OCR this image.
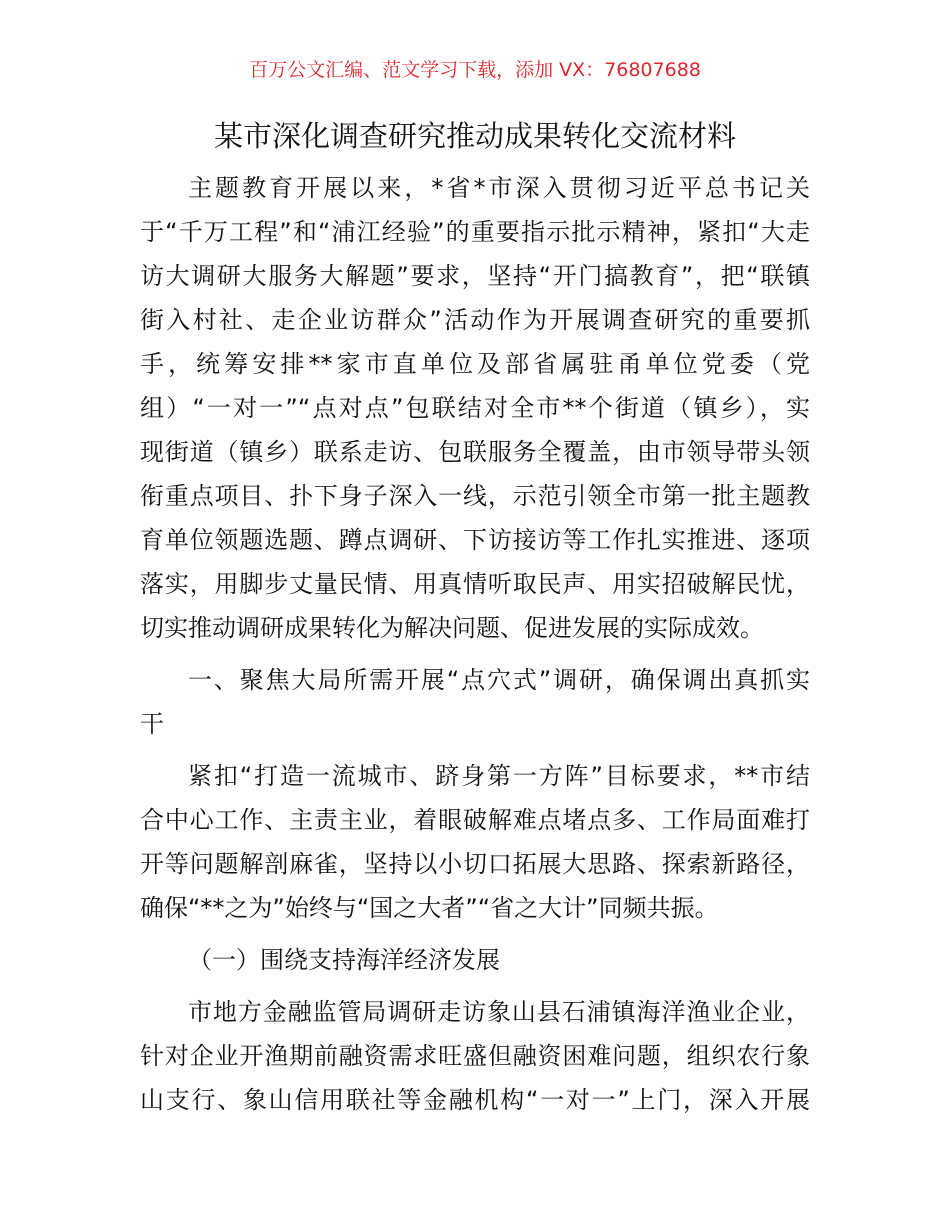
百万公文汇编、范文学习下载，添加 VX：76807688
某市深化调查研究推动成果转化交流材料
主题教育开展以来，*省*市深入贯彻习近平总书记关
于“千万工程”和“浦江经验”的重要指示批示精神，紧扣“大走
访大调研大服务大解题”要求，坚持“开门搞教育”，把“联镇
街入村社、走企业访群众”活动作为开展调查研究的重要抓
手，统筹安排**家市直单位及部省属驻甬单位党委（党
组）“一对一”“点对点”包联结对全市**个街道（镇乡），实
现街道（镇乡）联系走访、包联服务全覆盖，由市领导带头领
衔重点项目、扑下身子深入一线，示范引领全市第一批主题教
育单位领题选题、蹲点调研、下访接访等工作扎实推进、逐项
落实，用脚步丈量民情、用真情听取民声、用实招破解民忧，
切实推动调研成果转化为解决问题、促进发展的实际成效。
一、聚焦大局所需开展“点穴式”调研，确保调出真抓实
干
紧扣“打造一流城市、跻身第一方阵”目标要求，**市结
合中心工作、主责主业，着眼破解难点堵点多、工作局面难打
开等问题解剖麻雀，坚持以小切口拓展大思路、探索新路径，
确保“**之为”始终与“国之大者”“省之大计”同频共振。
（一）围绕支持海洋经济发展
市地方金融监管局调研走访象山县石浦镇海洋渔业企业，
针对企业开渔期前融资需求旺盛但融资困难问题，组织农行象
山支行、象山信用联社等金融机构“一对一”上门，深入开展
